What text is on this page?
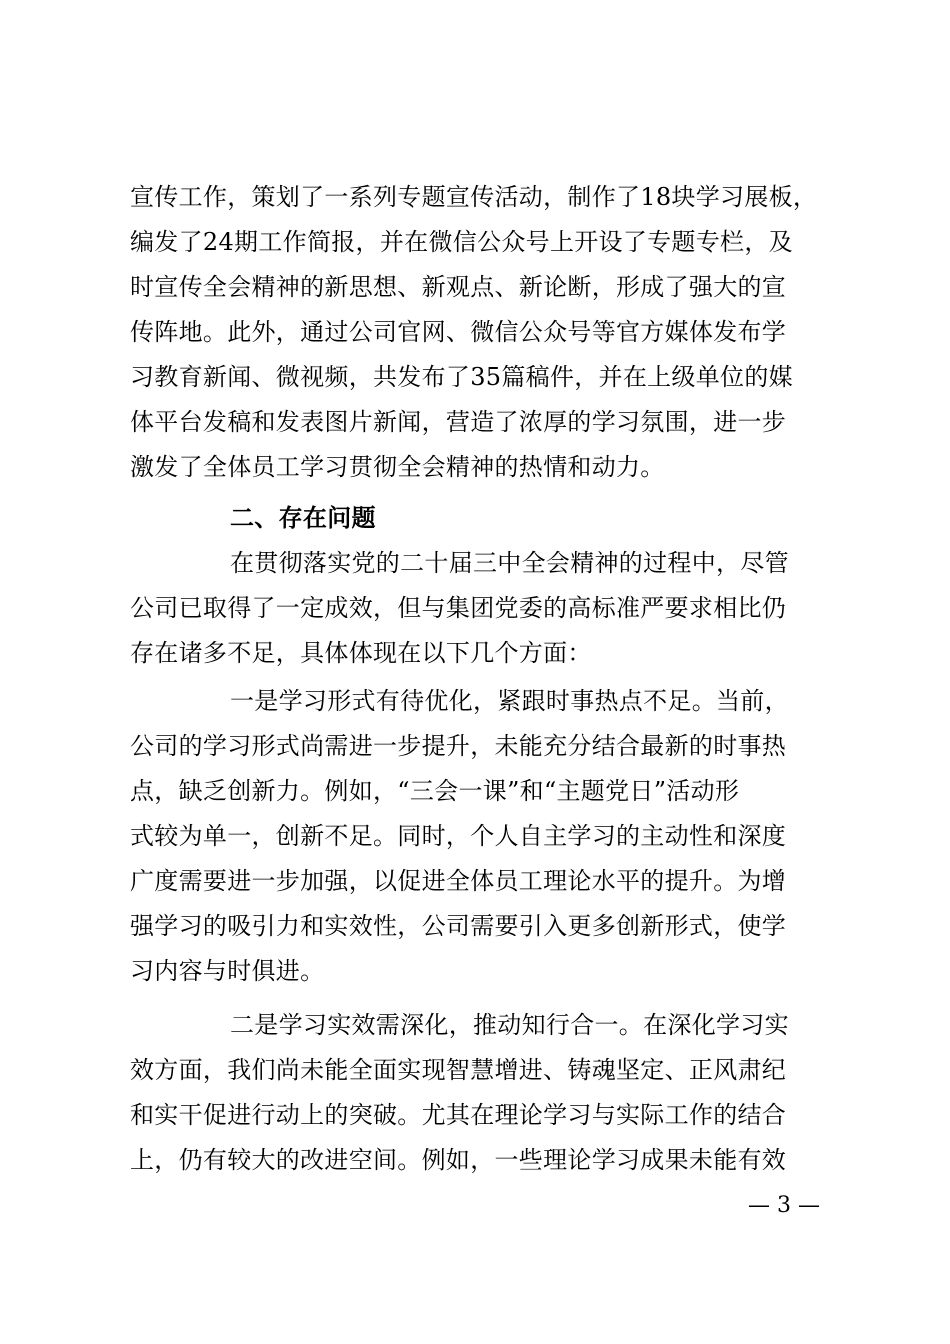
宣传工作，策划了一系列专题宣传活动，制作了18块学习展板，
编发了24期工作简报，并在微信公众号上开设了专题专栏，及
时宣传全会精神的新思想、新观点、新论断，形成了强大的宣
传阵地。此外，通过公司官网、微信公众号等官方媒体发布学
习教育新闻、微视频，共发布了35篇稿件，并在上级单位的媒
体平台发稿和发表图片新闻，营造了浓厚的学习氛围，进一步
激发了全体员工学习贯彻全会精神的热情和动力。
二、存在问题
在贯彻落实党的二十届三中全会精神的过程中，尽管
公司已取得了一定成效，但与集团党委的高标准严要求相比仍
存在诸多不足，具体体现在以下几个方面：
一是学习形式有待优化，紧跟时事热点不足。当前，
公司的学习形式尚需进一步提升，未能充分结合最新的时事热
点，缺乏创新力。例如，“三会一课”和“主题党日”活动形
式较为单一，创新不足。同时，个人自主学习的主动性和深度
广度需要进一步加强，以促进全体员工理论水平的提升。为增
强学习的吸引力和实效性，公司需要引入更多创新形式，使学
习内容与时俱进。
二是学习实效需深化，推动知行合一。在深化学习实
效方面，我们尚未能全面实现智慧增进、铸魂坚定、正风肃纪
和实干促进行动上的突破。尤其在理论学习与实际工作的结合
上，仍有较大的改进空间。例如，一些理论学习成果未能有效
— 3 —
